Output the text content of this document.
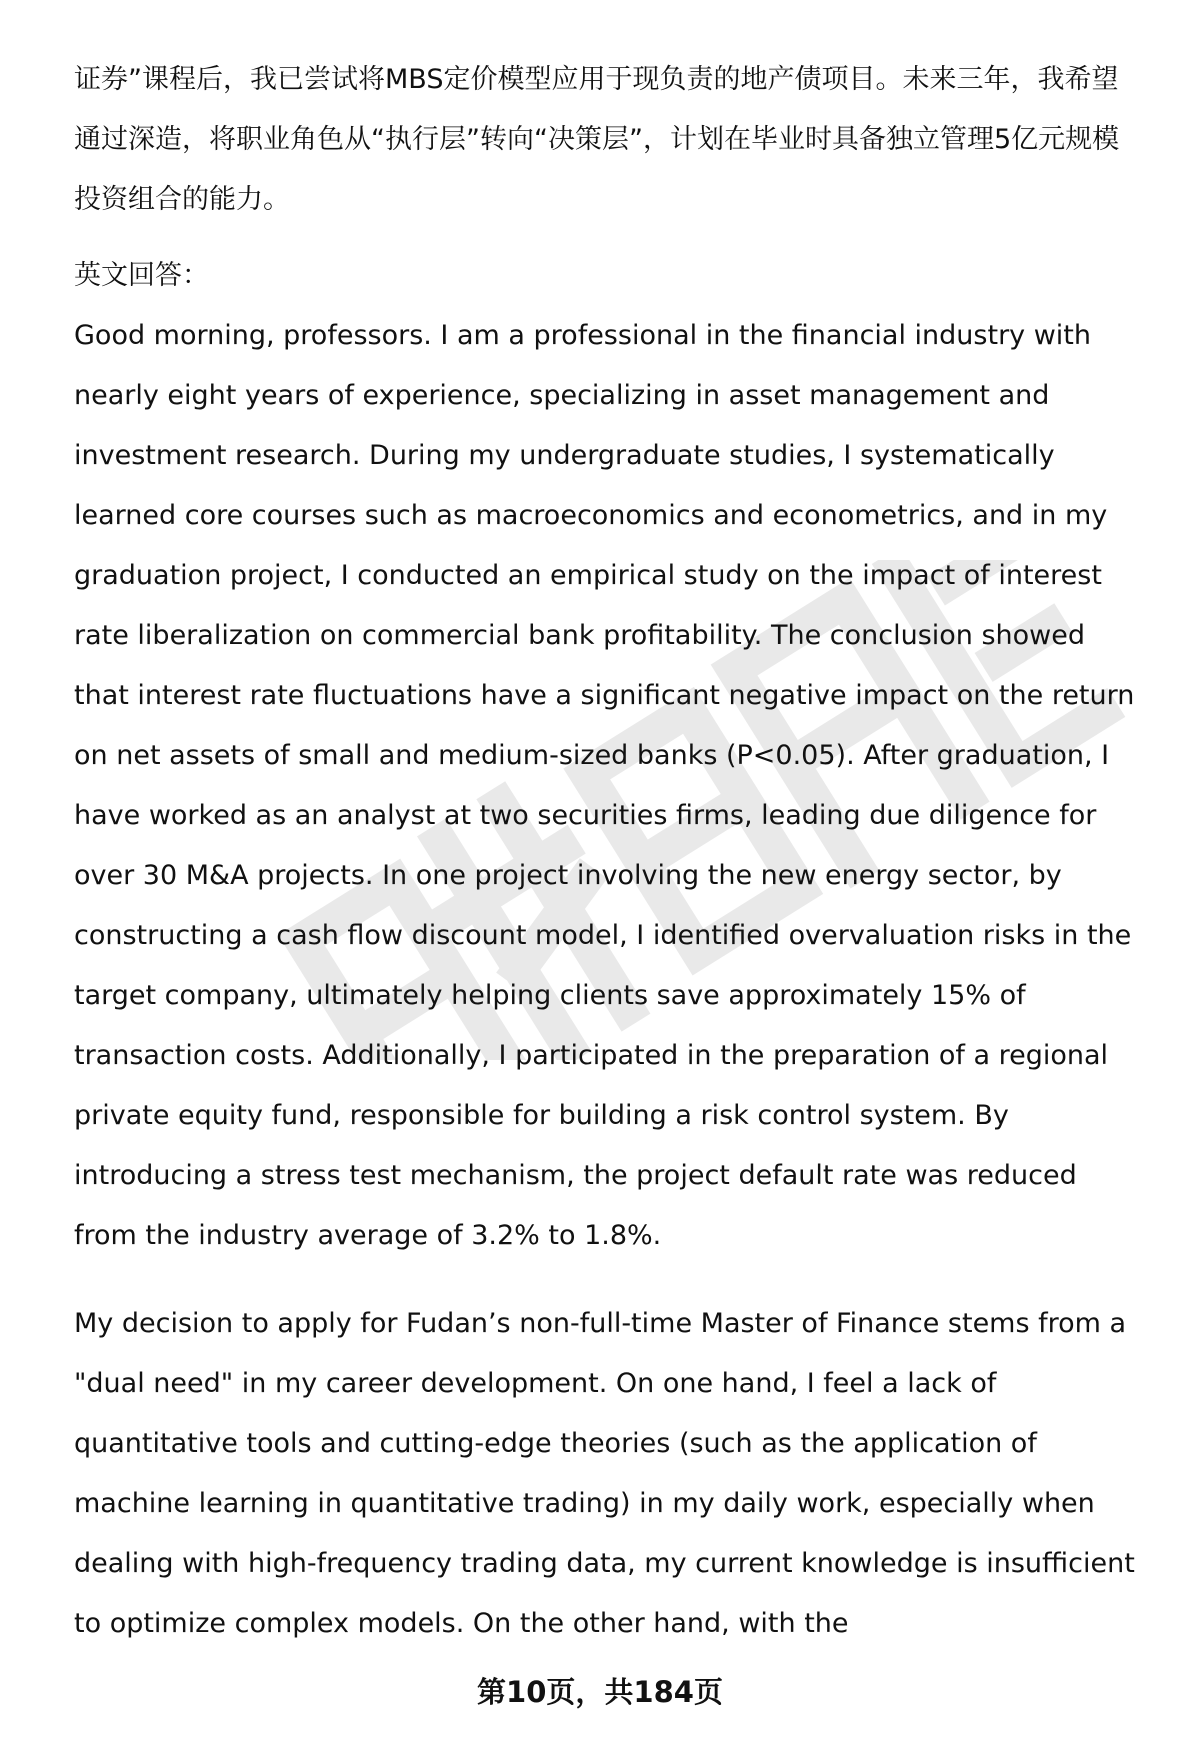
证券”课程后，我已尝试将MBS定价模型应用于现负责的地产债项目。未来三年，我希望通过深造，将职业角色从“执行层”转向“决策层”，计划在毕业时具备独立管理5亿元规模投资组合的能力。

英文回答：

Good morning, professors. I am a professional in the financial industry with nearly eight years of experience, specializing in asset management and investment research. During my undergraduate studies, I systematically learned core courses such as macroeconomics and econometrics, and in my graduation project, I conducted an empirical study on the impact of interest rate liberalization on commercial bank profitability. The conclusion showed that interest rate fluctuations have a significant negative impact on the return on net assets of small and medium-sized banks (P<0.05). After graduation, I have worked as an analyst at two securities firms, leading due diligence for over 30 M&A projects. In one project involving the new energy sector, by constructing a cash flow discount model, I identified overvaluation risks in the target company, ultimately helping clients save approximately 15% of transaction costs. Additionally, I participated in the preparation of a regional private equity fund, responsible for building a risk control system. By introducing a stress test mechanism, the project default rate was reduced from the industry average of 3.2% to 1.8%.

My decision to apply for Fudan’s non-full-time Master of Finance stems from a "dual need" in my career development. On one hand, I feel a lack of quantitative tools and cutting-edge theories (such as the application of machine learning in quantitative trading) in my daily work, especially when dealing with high-frequency trading data, my current knowledge is insufficient to optimize complex models. On the other hand, with the

第10页，共184页
